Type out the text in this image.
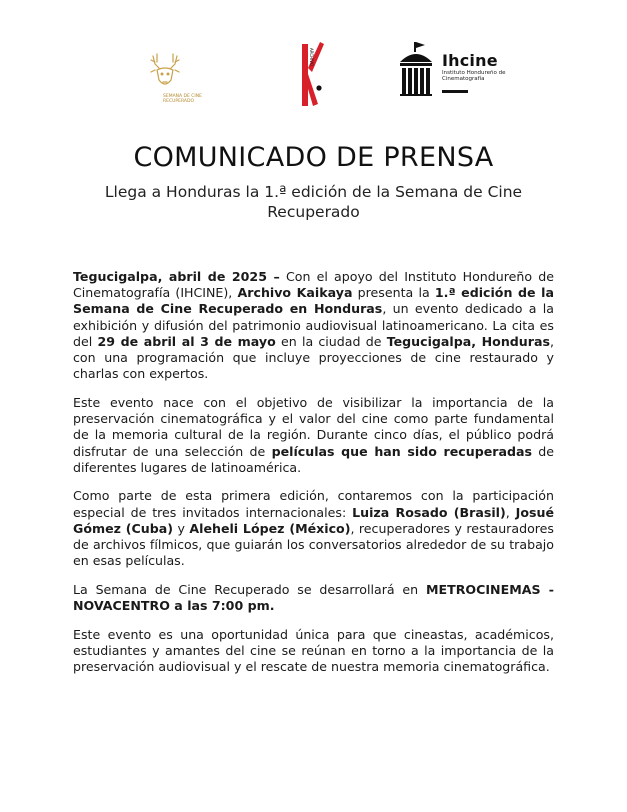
SEMANA DE CINE RECUPERADO
ARCHIVO	Ihcine
Instituto Hondureño de Cinematografía
COMUNICADO DE PRENSA

Llega a Honduras la 1.ª edición de la Semana de Cine Recuperado

Tegucigalpa, abril de 2025 – Con el apoyo del Instituto Hondureño de Cinematografía (IHCINE), Archivo Kaikaya presenta la 1.ª edición de la Semana de Cine Recuperado en Honduras, un evento dedicado a la exhibición y difusión del patrimonio audiovisual latinoamericano. La cita es del 29 de abril al 3 de mayo en la ciudad de Tegucigalpa, Honduras, con una programación que incluye proyecciones de cine restaurado y charlas con expertos.

Este evento nace con el objetivo de visibilizar la importancia de la preservación cinematográfica y el valor del cine como parte fundamental de la memoria cultural de la región. Durante cinco días, el público podrá disfrutar de una selección de películas que han sido recuperadas de diferentes lugares de latinoamérica.

Como parte de esta primera edición, contaremos con la participación especial de tres invitados internacionales: Luiza Rosado (Brasil), Josué Gómez (Cuba) y Aleheli López (México), recuperadores y restauradores de archivos fílmicos, que guiarán los conversatorios alrededor de su trabajo en esas películas.

La Semana de Cine Recuperado se desarrollará en METROCINEMAS - NOVACENTRO a las 7:00 pm.

Este evento es una oportunidad única para que cineastas, académicos, estudiantes y amantes del cine se reúnan en torno a la importancia de la preservación audiovisual y el rescate de nuestra memoria cinematográfica.
